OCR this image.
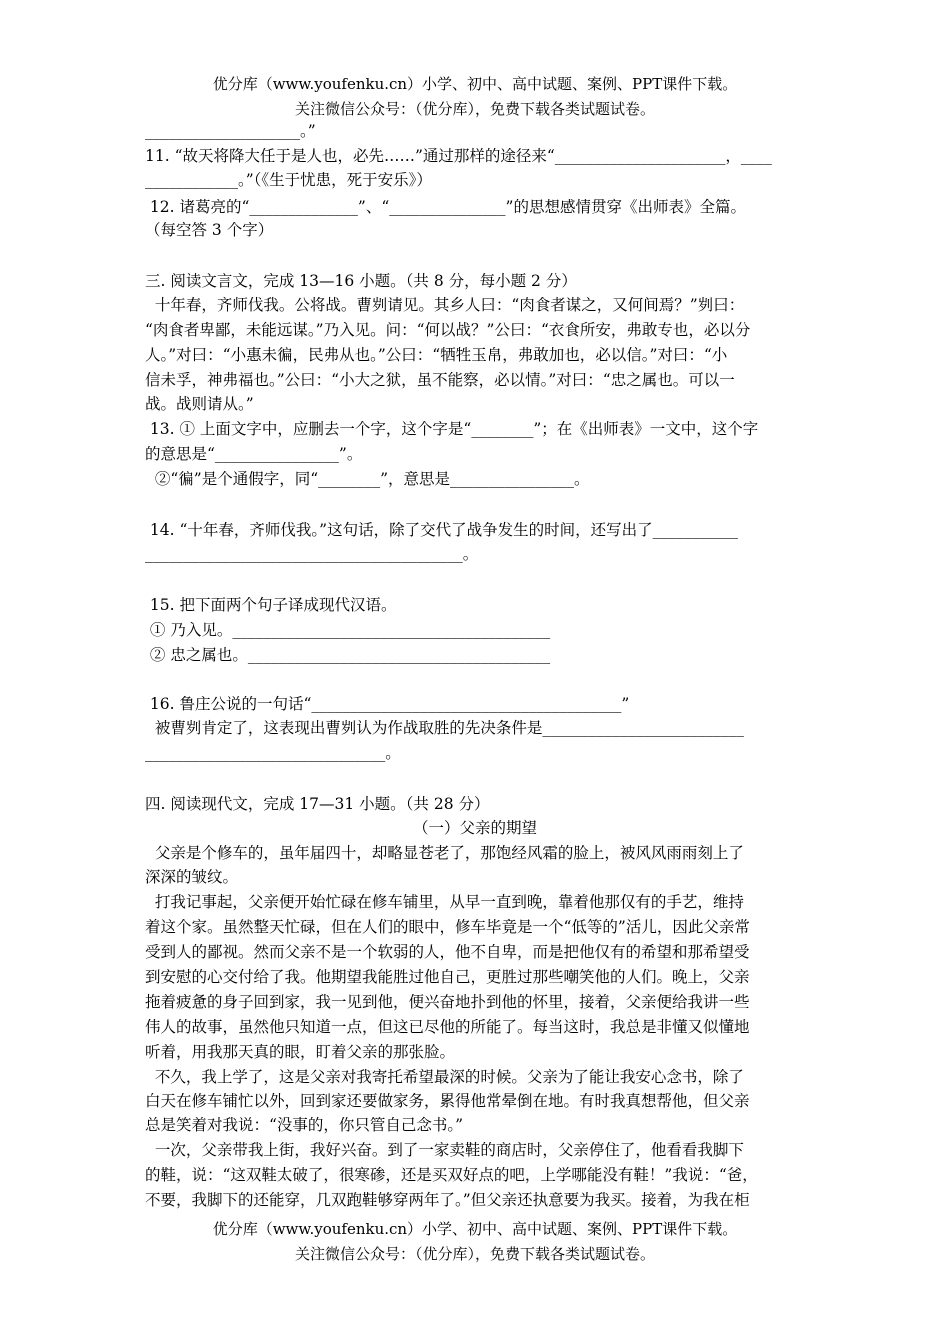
优分库（www.youfenku.cn）小学、初中、高中试题、案例、PPT课件下载。
关注微信公众号：（优分库），免费下载各类试题试卷。
____________________。”
11. “故天将降大任于是人也，必先……”通过那样的途径来“______________________，____
____________。”（《生于忧患，死于安乐》）
12. 诸葛亮的“______________”、“_______________”的思想感情贯穿《出师表》全篇。
（每空答 3 个字）
三. 阅读文言文，完成 13—16 小题。（共 8 分，每小题 2 分）
十年春，齐师伐我。公将战。曹刿请见。其乡人曰：“肉食者谋之，又何间焉？”刿曰：
“肉食者卑鄙，未能远谋。”乃入见。问：“何以战？”公曰：“衣食所安，弗敢专也，必以分
人。”对曰：“小惠未徧，民弗从也。”公曰：“牺牲玉帛，弗敢加也，必以信。”对曰：“小
信未孚，神弗福也。”公曰：“小大之狱，虽不能察，必以情。”对曰：“忠之属也。可以一
战。战则请从。”
13. ① 上面文字中，应删去一个字，这个字是“________”；在《出师表》一文中，这个字
的意思是“________________”。
②“徧”是个通假字，同“________”，意思是________________。
14. “十年春，齐师伐我。”这句话，除了交代了战争发生的时间，还写出了___________
_________________________________________。
15. 把下面两个句子译成现代汉语。
① 乃入见。_________________________________________
② 忠之属也。_______________________________________
16. 鲁庄公说的一句话“________________________________________”
被曹刿肯定了，这表现出曹刿认为作战取胜的先决条件是__________________________
_______________________________。
四. 阅读现代文，完成 17—31 小题。（共 28 分）
（一）父亲的期望
父亲是个修车的，虽年届四十，却略显苍老了，那饱经风霜的脸上，被风风雨雨刻上了
深深的皱纹。
打我记事起，父亲便开始忙碌在修车铺里，从早一直到晚，靠着他那仅有的手艺，维持
着这个家。虽然整天忙碌，但在人们的眼中，修车毕竟是一个“低等的”活儿，因此父亲常
受到人的鄙视。然而父亲不是一个软弱的人，他不自卑，而是把他仅有的希望和那希望受
到安慰的心交付给了我。他期望我能胜过他自己，更胜过那些嘲笑他的人们。晚上，父亲
拖着疲惫的身子回到家，我一见到他，便兴奋地扑到他的怀里，接着，父亲便给我讲一些
伟人的故事，虽然他只知道一点，但这已尽他的所能了。每当这时，我总是非懂又似懂地
听着，用我那天真的眼，盯着父亲的那张脸。
不久，我上学了，这是父亲对我寄托希望最深的时候。父亲为了能让我安心念书，除了
白天在修车铺忙以外，回到家还要做家务，累得他常晕倒在地。有时我真想帮他，但父亲
总是笑着对我说：“没事的，你只管自己念书。”
一次，父亲带我上街，我好兴奋。到了一家卖鞋的商店时，父亲停住了，他看看我脚下
的鞋，说：“这双鞋太破了，很寒碜，还是买双好点的吧，上学哪能没有鞋！”我说：“爸，
不要，我脚下的还能穿，几双跑鞋够穿两年了。”但父亲还执意要为我买。接着，为我在柜
优分库（www.youfenku.cn）小学、初中、高中试题、案例、PPT课件下载。
关注微信公众号：（优分库），免费下载各类试题试卷。
